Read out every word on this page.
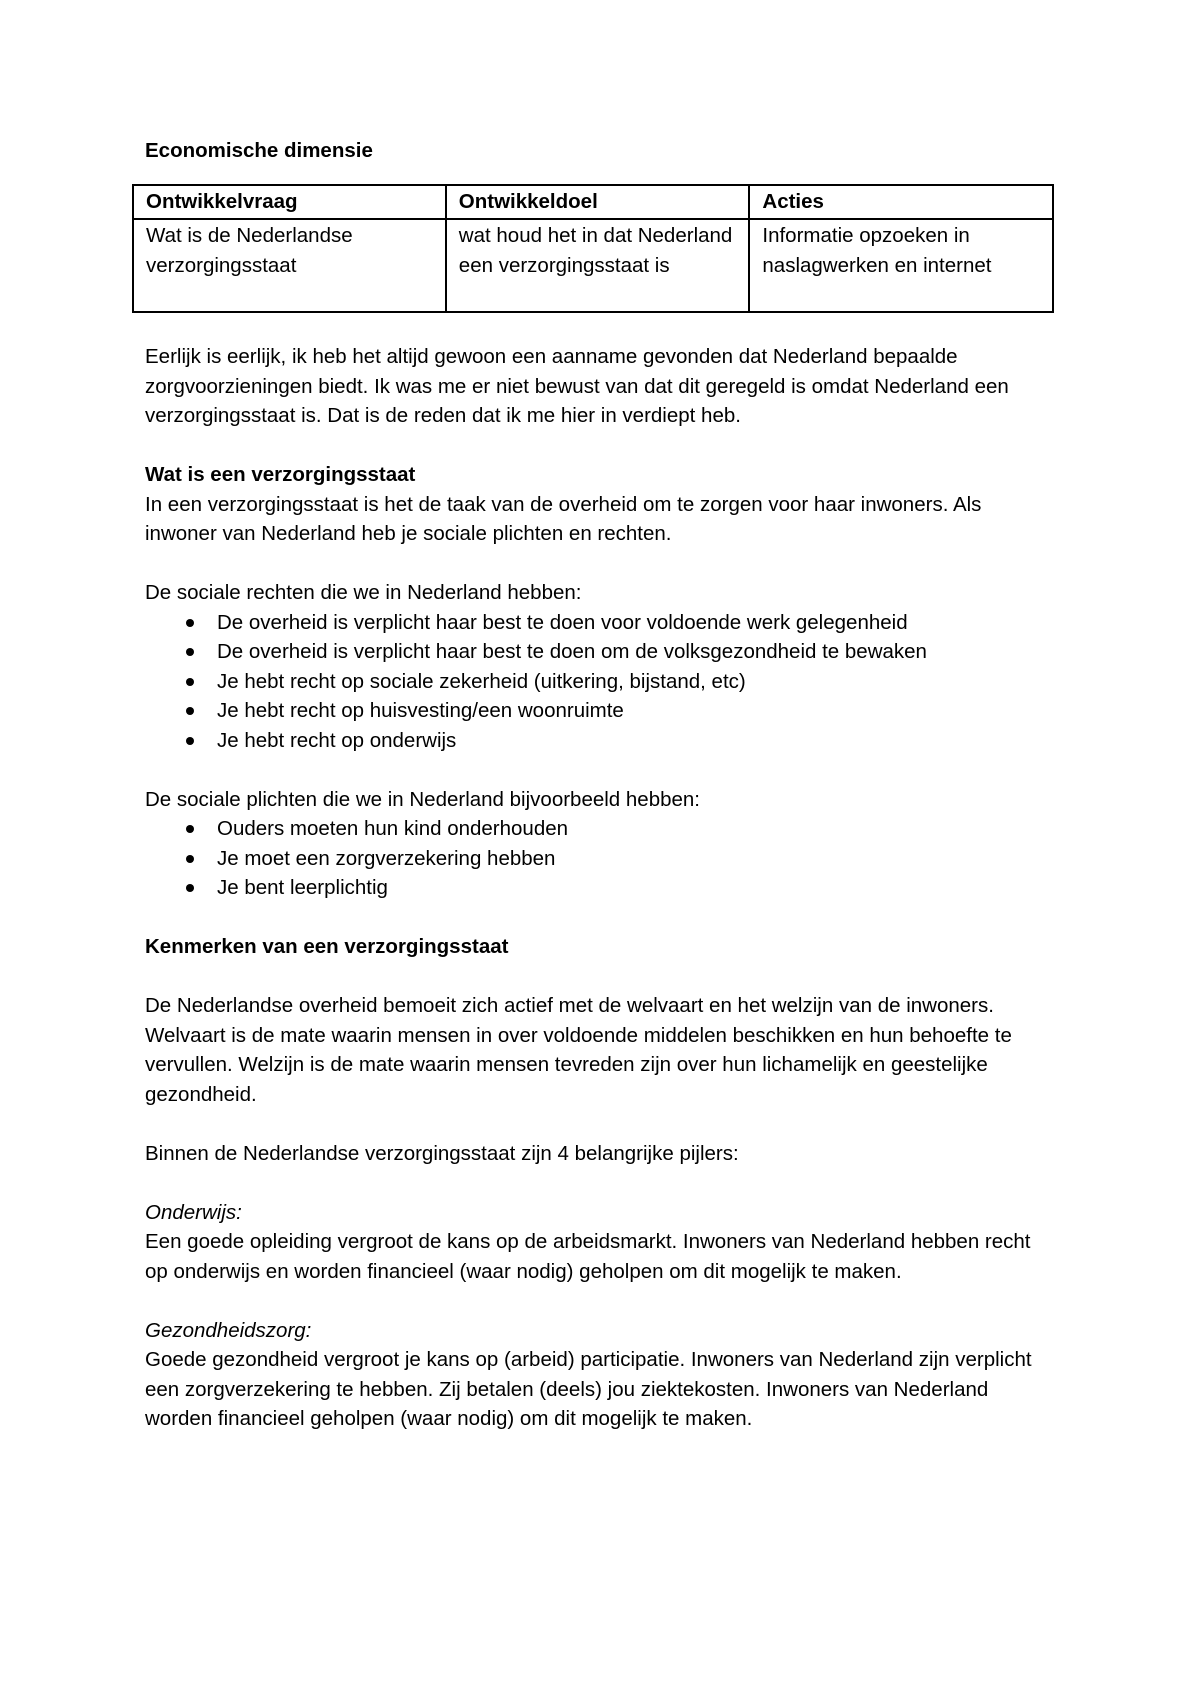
Economische dimensie

Ontwikkelvraag	Ontwikkeldoel	Acties
Wat is de Nederlandse verzorgingsstaat	wat houd het in dat Nederland een verzorgingsstaat is	Informatie opzoeken in naslagwerken en internet

Eerlijk is eerlijk, ik heb het altijd gewoon een aanname gevonden dat Nederland bepaalde zorgvoorzieningen biedt. Ik was me er niet bewust van dat dit geregeld is omdat Nederland een verzorgingsstaat is. Dat is de reden dat ik me hier in verdiept heb.

Wat is een verzorgingsstaat

In een verzorgingsstaat is het de taak van de overheid om te zorgen voor haar inwoners. Als inwoner van Nederland heb je sociale plichten en rechten.

De sociale rechten die we in Nederland hebben:

De overheid is verplicht haar best te doen voor voldoende werk gelegenheid
De overheid is verplicht haar best te doen om de volksgezondheid te bewaken
Je hebt recht op sociale zekerheid (uitkering, bijstand, etc)
Je hebt recht op huisvesting/een woonruimte
Je hebt recht op onderwijs

De sociale plichten die we in Nederland bijvoorbeeld hebben:

Ouders moeten hun kind onderhouden
Je moet een zorgverzekering hebben
Je bent leerplichtig

Kenmerken van een verzorgingsstaat

De Nederlandse overheid bemoeit zich actief met de welvaart en het welzijn van de inwoners. Welvaart is de mate waarin mensen in over voldoende middelen beschikken en hun behoefte te vervullen. Welzijn is de mate waarin mensen tevreden zijn over hun lichamelijk en geestelijke gezondheid.

Binnen de Nederlandse verzorgingsstaat zijn 4 belangrijke pijlers:

Onderwijs:

Een goede opleiding vergroot de kans op de arbeidsmarkt. Inwoners van Nederland hebben recht op onderwijs en worden financieel (waar nodig) geholpen om dit mogelijk te maken.

Gezondheidszorg:

Goede gezondheid vergroot je kans op (arbeid) participatie. Inwoners van Nederland zijn verplicht een zorgverzekering te hebben. Zij betalen (deels) jou ziektekosten. Inwoners van Nederland worden financieel geholpen (waar nodig) om dit mogelijk te maken.
